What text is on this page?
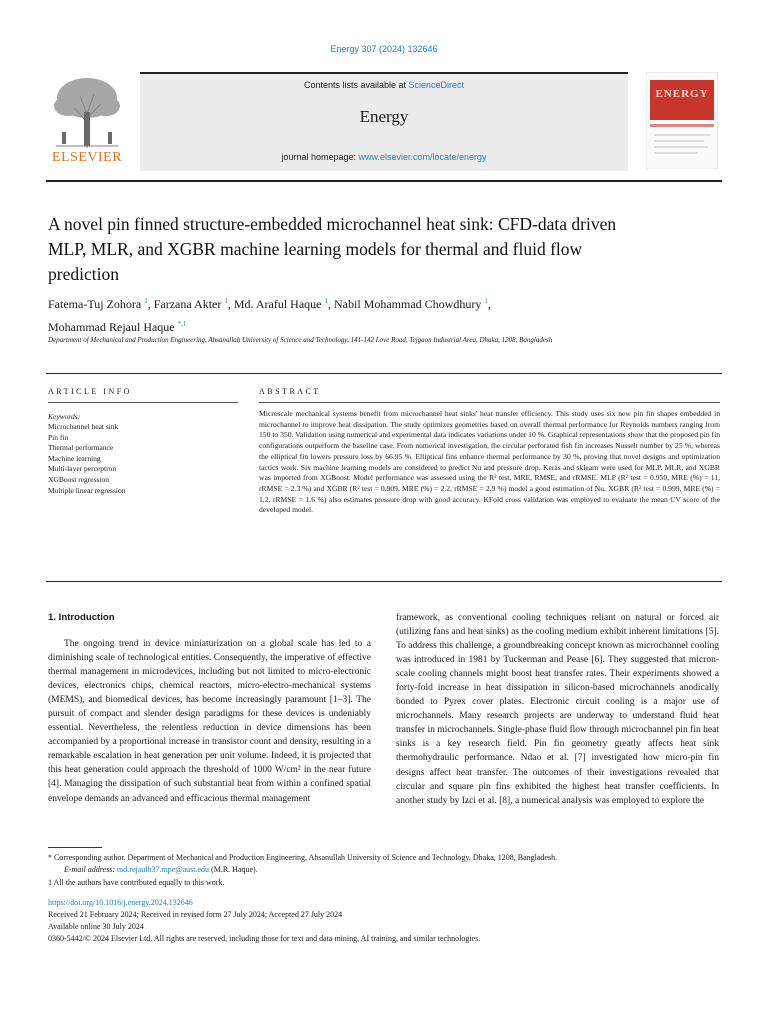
Energy 307 (2024) 132646
ELSEVIER
Contents lists available at ScienceDirect
Energy
journal homepage: www.elsevier.com/locate/energy
ENERGY
A novel pin finned structure-embedded microchannel heat sink: CFD-data driven MLP, MLR, and XGBR machine learning models for thermal and fluid flow prediction
Fatema-Tuj Zohora $^1$, Farzana Akter $^1$, Md. Araful Haque $^1$, Nabil Mohammad Chowdhury $^1$,
Mohammad Rejaul Haque $^{*,1}$
Department of Mechanical and Production Engineering, Ahsanullah University of Science and Technology, 141-142 Love Road, Tejgaon Industrial Area, Dhaka, 1208, Bangladesh
ARTICLE INFO
Keywords:
Microchannel heat sink
Pin fin
Thermal performance
Machine learning
Multi-layer perceptron
XGBoost regression
Multiple linear regression
ABSTRACT
Microscale mechanical systems benefit from microchannel heat sinks' heat transfer efficiency. This study uses six new pin fin shapes embedded in microchannel to improve heat dissipation. The study optimizes geometries based on overall thermal performance for Reynolds numbers ranging from 150 to 350. Validation using numerical and experimental data indicates variations under 10 %. Graphical representations show that the proposed pin fin configurations outperform the baseline case. From numerical investigation, the circular perforated fish fin increases Nusselt number by 25 %, whereas the elliptical fin lowers pressure loss by 66.95 %. Elliptical fins enhance thermal performance by 30 %, proving that novel designs and optimization tactics work. Six machine learning models are considered to predict Nu and pressure drop. Keras and sklearn were used for MLP, MLR, and XGBR was imported from XGBoost. Model performance was assessed using the R² test, MRE, RMSE, and rRMSE. MLP (R² test = 0.950, MRE (%) = 11, rRMSE = 2.3 %) and XGBR (R² test = 0.909, MRE (%) = 2.2, rRMSE = 2.9 %) model a good estimation of Nu. XGBR (R² test = 0.999, MRE (%) = 1.2, rRMSE = 1.6 %) also estimates pressure drop with good accuracy. KFold cross validation was employed to evaluate the mean CV score of the developed model.
1. Introduction
The ongoing trend in device miniaturization on a global scale has led to a diminishing scale of technological entities. Consequently, the imperative of effective thermal management in microdevices, including but not limited to micro-electronic devices, electronics chips, chemical reactors, micro-electro-mechanical systems (MEMS), and biomedical devices, has become increasingly paramount [1–3]. The pursuit of compact and slender design paradigms for these devices is undeniably essential. Nevertheless, the relentless reduction in device dimensions has been accompanied by a proportional increase in transistor count and density, resulting in a remarkable escalation in heat generation per unit volume. Indeed, it is projected that this heat generation could approach the threshold of 1000 W/cm² in the near future [4]. Managing the dissipation of such substantial heat from within a confined spatial envelope demands an advanced and efficacious thermal management
framework, as conventional cooling techniques reliant on natural or forced air (utilizing fans and heat sinks) as the cooling medium exhibit inherent limitations [5]. To address this challenge, a groundbreaking concept known as microchannel cooling was introduced in 1981 by Tuckerman and Pease [6]. They suggested that micron-scale cooling channels might boost heat transfer rates. Their experiments showed a forty-fold increase in heat dissipation in silicon-based microchannels anodically bonded to Pyrex cover plates. Electronic circuit cooling is a major use of microchannels. Many research projects are underway to understand fluid heat transfer in microchannels. Single-phase fluid flow through microchannel pin fin heat sinks is a key research field. Pin fin geometry greatly affects heat sink thermohydraulic performance. Ndao et al. [7] investigated how micro-pin fin designs affect heat transfer. The outcomes of their investigations revealed that circular and square pin fins exhibited the highest heat transfer coefficients. In another study by Izci et al. [8], a numerical analysis was employed to explore the
* Corresponding author. Department of Mechanical and Production Engineering, Ahsanullah University of Science and Technology, Dhaka, 1208, Bangladesh.
E-mail address: md.rejaulh37.mpe@aust.edu (M.R. Haque).
1 All the authors have contributed equally to this work.
https://doi.org/10.1016/j.energy.2024.132646
Received 21 February 2024; Received in revised form 27 July 2024; Accepted 27 July 2024
Available online 30 July 2024
0360-5442/© 2024 Elsevier Ltd. All rights are reserved, including those for text and data mining, AI training, and similar technologies.
